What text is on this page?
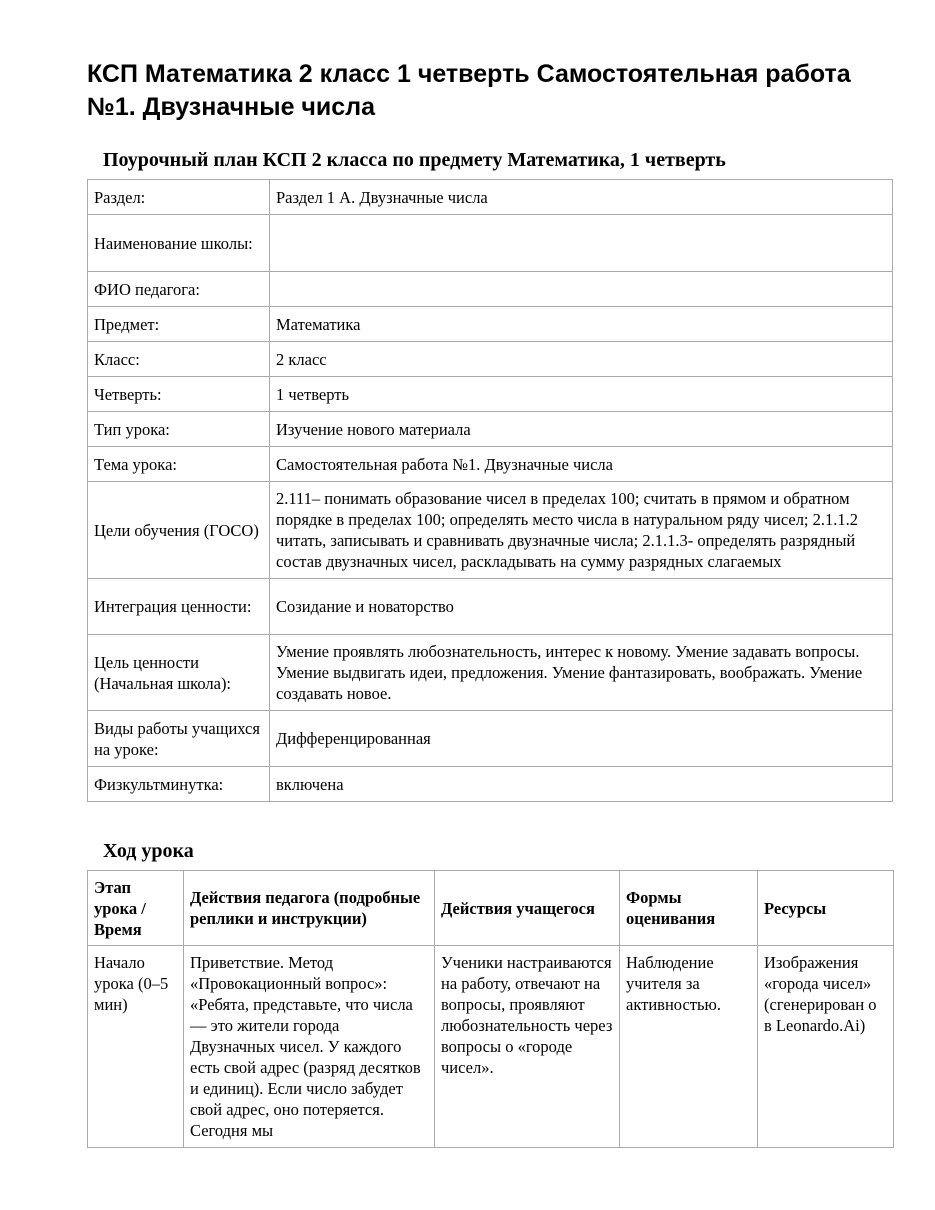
КСП Математика 2 класс 1 четверть Самостоятельная работа №1. Двузначные числа
Поурочный план КСП 2 класса по предмету Математика, 1 четверть
Раздел:	Раздел 1 А. Двузначные числа
Наименование школы:	
ФИО педагога:	
Предмет:	Математика
Класс:	2 класс
Четверть:	1 четверть
Тип урока:	Изучение нового материала
Тема урока:	Самостоятельная работа №1. Двузначные числа
Цели обучения (ГОСО)	2.111– понимать образование чисел в пределах 100; считать в прямом и обратном порядке в пределах 100; определять место числа в натуральном ряду чисел; 2.1.1.2 читать, записывать и сравнивать двузначные числа; 2.1.1.3- определять разрядный состав двузначных чисел, раскладывать на сумму разрядных слагаемых
Интеграция ценности:	Созидание и новаторство
Цель ценности (Начальная школа):	Умение проявлять любознательность, интерес к новому. Умение задавать вопросы. Умение выдвигать идеи, предложения. Умение фантазировать, воображать. Умение создавать новое.
Виды работы учащихся на уроке:	Дифференцированная
Физкультминутка:	включена
Ход урока
Этап урока / Время	Действия педагога (подробные реплики и инструкции)	Действия учащегося	Формы оценивания	Ресурсы
Начало урока (0–5 мин)	Приветствие. Метод «Провокационный вопрос»: «Ребята, представьте, что числа — это жители города Двузначных чисел. У каждого есть свой адрес (разряд десятков и единиц). Если число забудет свой адрес, оно потеряется. Сегодня мы	Ученики настраиваются на работу, отвечают на вопросы, проявляют любознательность через вопросы о «городе чисел».	Наблюдение учителя за активностью.	Изображения «города чисел» (сгенерирован о в Leonardo.Ai)
